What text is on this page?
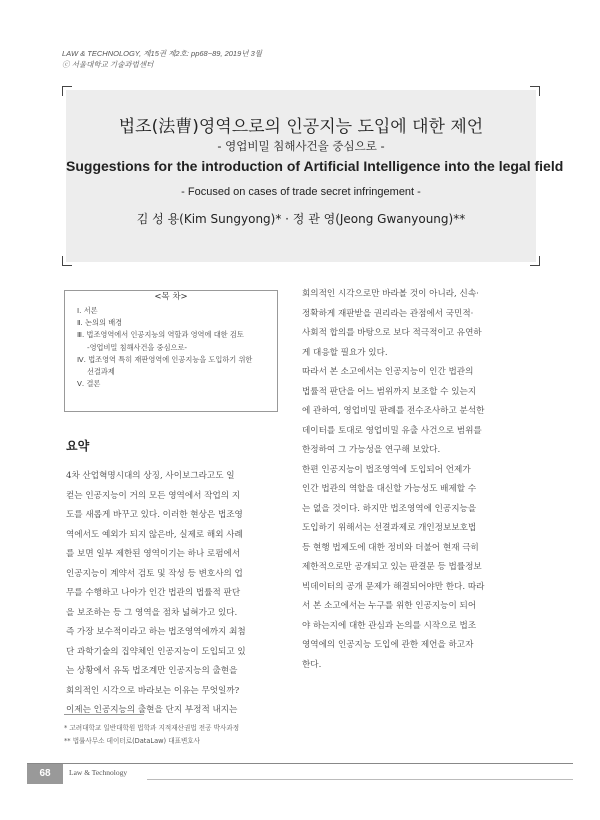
LAW & TECHNOLOGY, 제15권 제2호: pp68~89, 2019년 3월
ⓒ 서울대학교 기술과법센터
법조(法曹)영역으로의 인공지능 도입에 대한 제언
- 영업비밀 침해사건을 중심으로 -
Suggestions for the introduction of Artificial Intelligence into the legal field
- Focused on cases of trade secret infringement -
김 성 용(Kim Sungyong)* · 정 관 영(Jeong Gwanyoung)**
<목 차>
Ⅰ. 서론
Ⅱ. 논의의 배경
Ⅲ. 법조영역에서 인공지능의 역할과 영역에 대한 검토
-영업비밀 침해사건을 중심으로-
Ⅳ. 법조영역 특히 재판영역에 인공지능을 도입하기 위한
선결과제
Ⅴ. 결론
요약
4차 산업혁명시대의 상징, 사이보그라고도 일
컫는 인공지능이 거의 모든 영역에서 작업의 지
도를 새롭게 바꾸고 있다. 이러한 현상은 법조영
역에서도 예외가 되지 않은바, 실제로 해외 사례
를 보면 일부 제한된 영역이기는 하나 로펌에서
인공지능이 계약서 검토 및 작성 등 변호사의 업
무를 수행하고 나아가 인간 법관의 법률적 판단
을 보조하는 등 그 영역을 점차 넓혀가고 있다.
즉 가장 보수적이라고 하는 법조영역에까지 최첨
단 과학기술의 집약체인 인공지능이 도입되고 있
는 상황에서 유독 법조계만 인공지능의 출현을
회의적인 시각으로 바라보는 이유는 무엇일까?
이제는 인공지능의 출현을 단지 부정적 내지는
회의적인 시각으로만 바라볼 것이 아니라, 신속·
정확하게 재판받을 권리라는 관점에서 국민적·
사회적 합의를 바탕으로 보다 적극적이고 유연하
게 대응할 필요가 있다.
따라서 본 소고에서는 인공지능이 인간 법관의
법률적 판단을 어느 범위까지 보조할 수 있는지
에 관하여, 영업비밀 판례를 전수조사하고 분석한
데이터를 토대로 영업비밀 유출 사건으로 범위를
한정하여 그 가능성을 연구해 보았다.
한편 인공지능이 법조영역에 도입되어 언제가
인간 법관의 역할을 대신할 가능성도 배제할 수
는 없을 것이다. 하지만 법조영역에 인공지능을
도입하기 위해서는 선결과제로 개인정보보호법
등 현행 법제도에 대한 정비와 더불어 현재 극히
제한적으로만 공개되고 있는 판결문 등 법률정보
빅데이터의 공개 문제가 해결되어야만 한다. 따라
서 본 소고에서는 누구를 위한 인공지능이 되어
야 하는지에 대한 관심과 논의를 시작으로 법조
영역에의 인공지능 도입에 관한 제언을 하고자
한다.
* 고려대학교 일반대학원 법학과 지적재산권법 전공 박사과정
** 법률사무소 데이터로(DataLaw) 대표변호사
68	Law & Technology
